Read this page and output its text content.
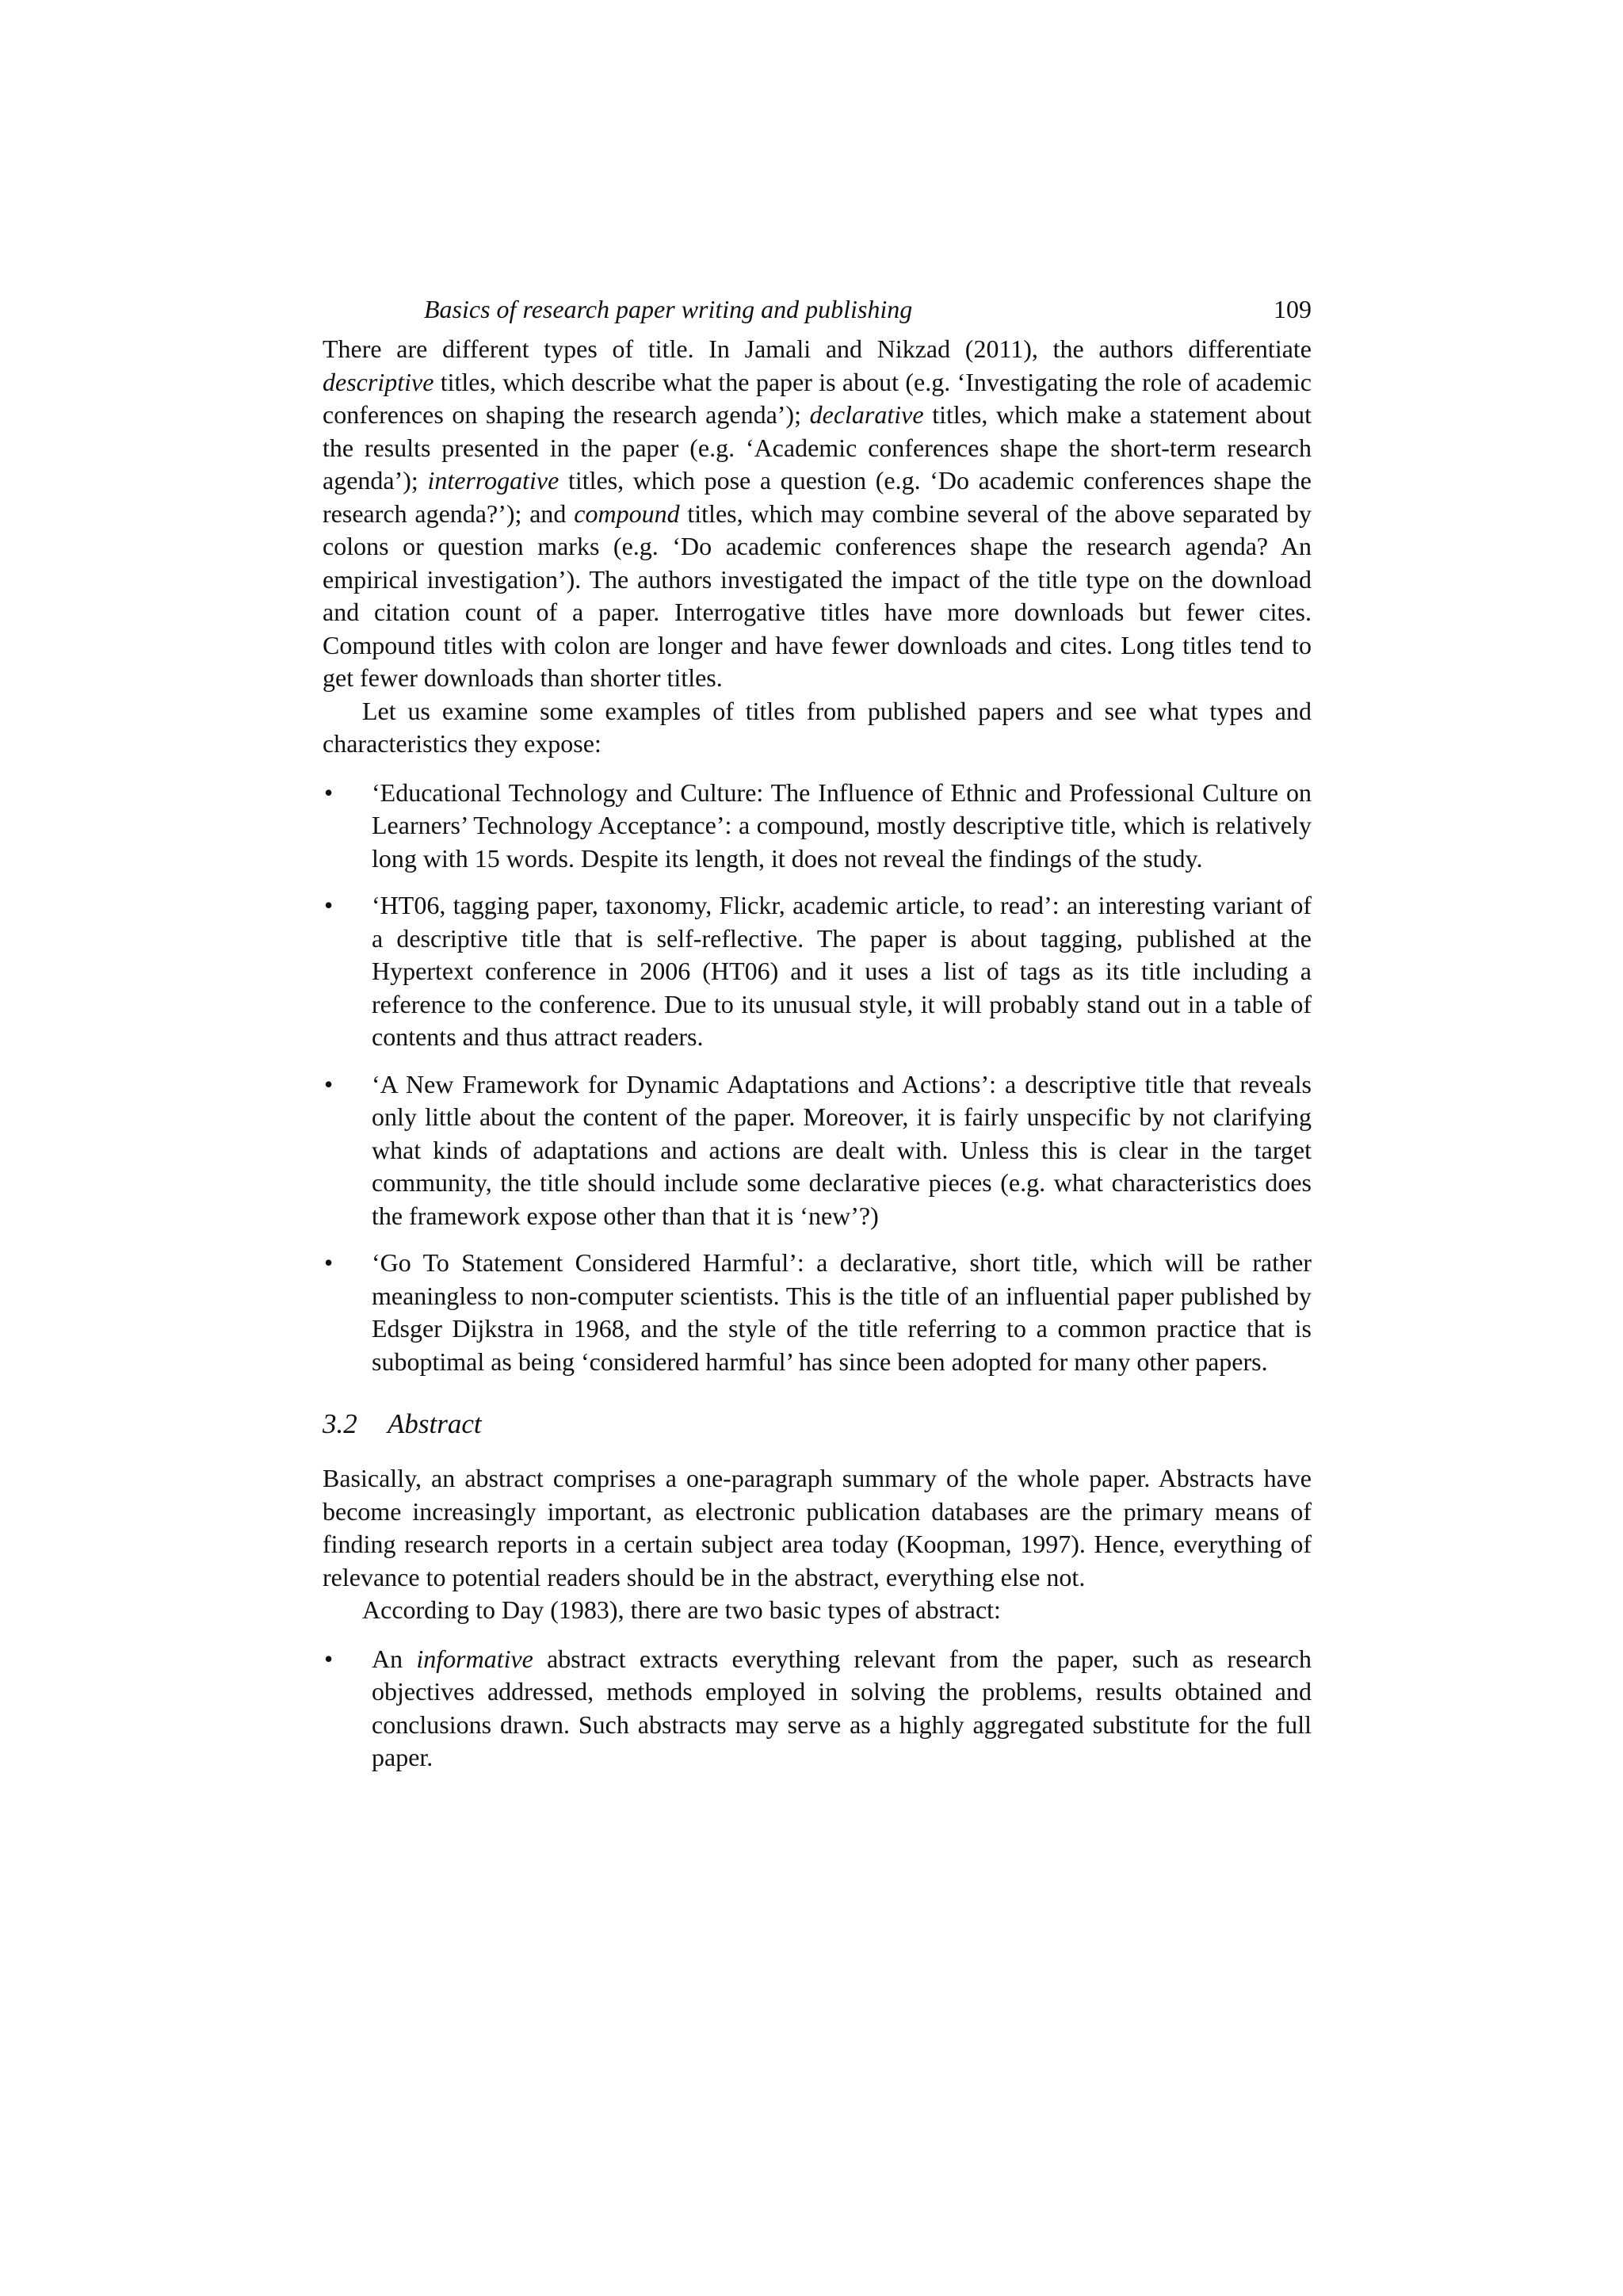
Basics of research paper writing and publishing	109

There are different types of title. In Jamali and Nikzad (2011), the authors differentiate descriptive titles, which describe what the paper is about (e.g. ‘Investigating the role of academic conferences on shaping the research agenda’); declarative titles, which make a statement about the results presented in the paper (e.g. ‘Academic conferences shape the short-term research agenda’); interrogative titles, which pose a question (e.g. ‘Do academic conferences shape the research agenda?’); and compound titles, which may combine several of the above separated by colons or question marks (e.g. ‘Do academic conferences shape the research agenda? An empirical investigation’). The authors investigated the impact of the title type on the download and citation count of a paper. Interrogative titles have more downloads but fewer cites. Compound titles with colon are longer and have fewer downloads and cites. Long titles tend to get fewer downloads than shorter titles.

Let us examine some examples of titles from published papers and see what types and characteristics they expose:

• ‘Educational Technology and Culture: The Influence of Ethnic and Professional Culture on Learners’ Technology Acceptance’: a compound, mostly descriptive title, which is relatively long with 15 words. Despite its length, it does not reveal the findings of the study.
• ‘HT06, tagging paper, taxonomy, Flickr, academic article, to read’: an interesting variant of a descriptive title that is self-reflective. The paper is about tagging, published at the Hypertext conference in 2006 (HT06) and it uses a list of tags as its title including a reference to the conference. Due to its unusual style, it will probably stand out in a table of contents and thus attract readers.
• ‘A New Framework for Dynamic Adaptations and Actions’: a descriptive title that reveals only little about the content of the paper. Moreover, it is fairly unspecific by not clarifying what kinds of adaptations and actions are dealt with. Unless this is clear in the target community, the title should include some declarative pieces (e.g. what characteristics does the framework expose other than that it is ‘new’?)
• ‘Go To Statement Considered Harmful’: a declarative, short title, which will be rather meaningless to non-computer scientists. This is the title of an influential paper published by Edsger Dijkstra in 1968, and the style of the title referring to a common practice that is suboptimal as being ‘considered harmful’ has since been adopted for many other papers.
3.2 Abstract

Basically, an abstract comprises a one-paragraph summary of the whole paper. Abstracts have become increasingly important, as electronic publication databases are the primary means of finding research reports in a certain subject area today (Koopman, 1997). Hence, everything of relevance to potential readers should be in the abstract, everything else not.

According to Day (1983), there are two basic types of abstract:

• An informative abstract extracts everything relevant from the paper, such as research objectives addressed, methods employed in solving the problems, results obtained and conclusions drawn. Such abstracts may serve as a highly aggregated substitute for the full paper.
